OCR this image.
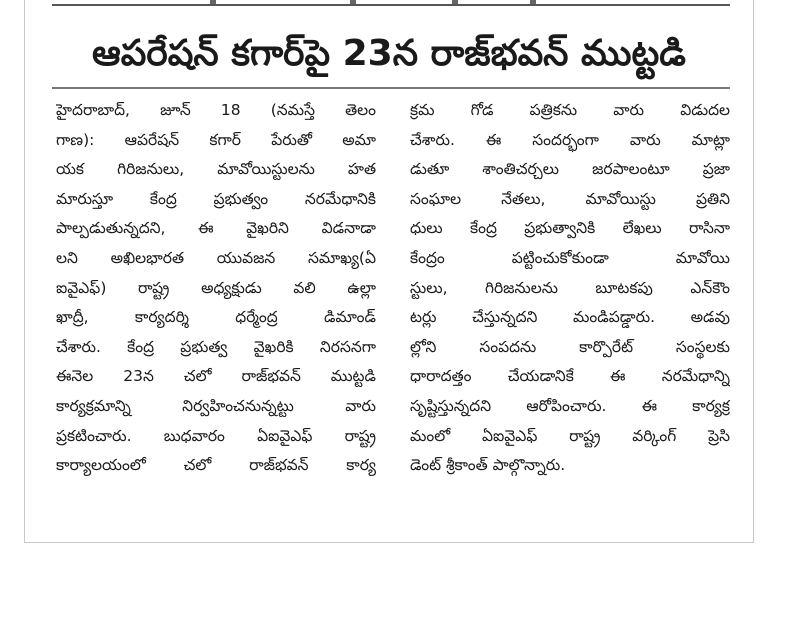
ఆపరేషన్ కగార్‌పై 23న రాజ్‌భవన్ ముట్టడి
హైదరాబాద్, జూన్ 18 (నమస్తే తెలం
గాణ): ఆపరేషన్ కగార్ పేరుతో అమా
యక గిరిజనులు, మావోయిస్టులను హత
మారుస్తూ కేంద్ర ప్రభుత్వం నరమేధానికి
పాల్పడుతున్నదని, ఈ వైఖరిని విడనాడా
లని అఖిలభారత యువజన సమాఖ్య(ఏ
ఐవైఎఫ్) రాష్ట్ర అధ్యక్షుడు వలి ఉల్లా
ఖాద్రీ, కార్యదర్శి ధర్మేంద్ర డిమాండ్
చేశారు. కేంద్ర ప్రభుత్వ వైఖరికి నిరసనగా
ఈనెల 23న చలో రాజ్‌భవన్ ముట్టడి
కార్యక్రమాన్ని నిర్వహించనున్నట్టు వారు
ప్రకటించారు. బుధవారం ఏఐవైఎఫ్ రాష్ట్ర
కార్యాలయంలో చలో రాజ్‌భవన్ కార్య
క్రమ గోడ పత్రికను వారు విడుదల
చేశారు. ఈ సందర్భంగా వారు మాట్లా
డుతూ శాంతిచర్చలు జరపాలంటూ ప్రజా
సంఘాల నేతలు, మావోయిస్టు ప్రతిని
ధులు కేంద్ర ప్రభుత్వానికి లేఖలు రాసినా
కేంద్రం పట్టించుకోకుండా మావోయి
స్టులు, గిరిజనులను బూటకపు ఎన్‌కౌం
టర్లు చేస్తున్నదని మండిపడ్డారు. అడవు
ల్లోని సంపదను కార్పొరేట్ సంస్థలకు
ధారాదత్తం చేయడానికే ఈ నరమేధాన్ని
సృష్టిస్తున్నదని ఆరోపించారు. ఈ కార్యక్ర
మంలో ఏఐవైఎఫ్ రాష్ట్ర వర్కింగ్ ప్రెసి
డెంట్ శ్రీకాంత్ పాల్గొన్నారు.
